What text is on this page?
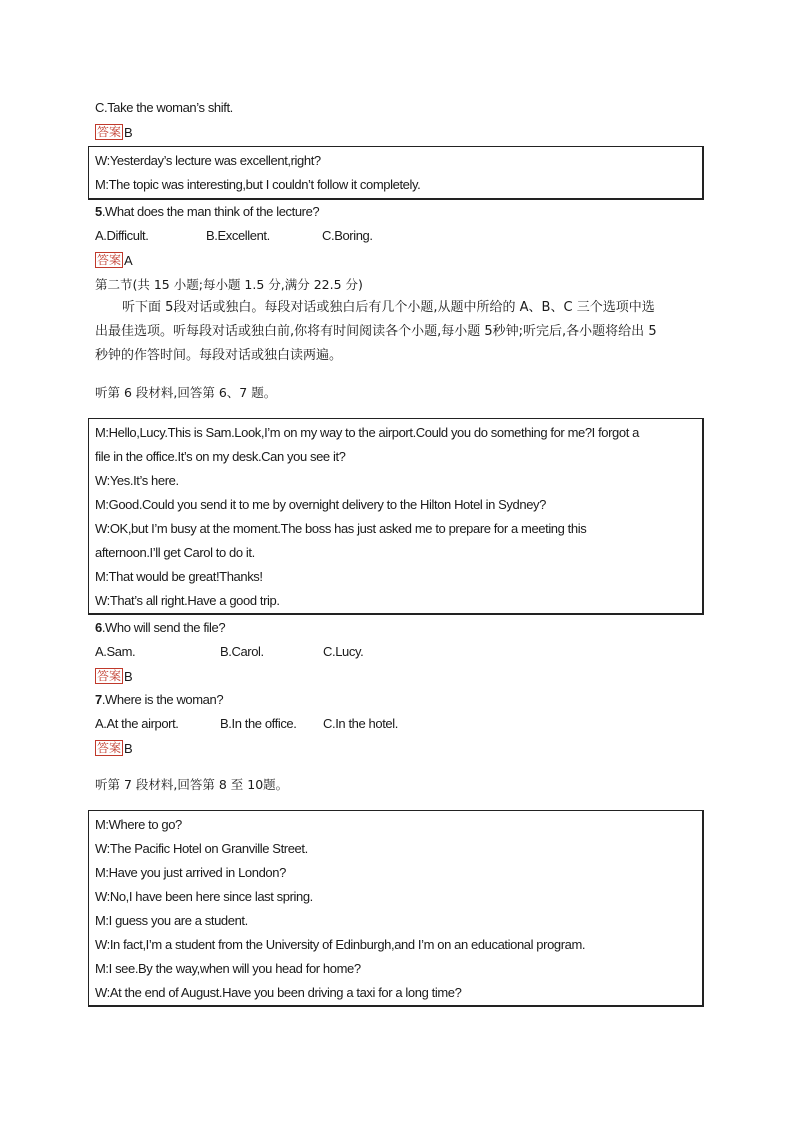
C.Take the woman’s shift.
答案 B
W:Yesterday’s lecture was excellent,right?
M:The topic was interesting,but I couldn’t follow it completely.
5.What does the man think of the lecture?
A.Difficult.	B.Excellent.	C.Boring.
答案 A
第二节(共 15 小题;每小题 1.5 分,满分 22.5 分)
听下面 5段对话或独白。每段对话或独白后有几个小题,从题中所给的 A、B、C 三个选项中选
出最佳选项。听每段对话或独白前,你将有时间阅读各个小题,每小题 5秒钟;听完后,各小题将给出 5
秒钟的作答时间。每段对话或独白读两遍。
听第 6 段材料,回答第 6、7 题。
M:Hello,Lucy.This is Sam.Look,I’m on my way to the airport.Could you do something for me?I forgot a
file in the office.It’s on my desk.Can you see it?
W:Yes.It’s here.
M:Good.Could you send it to me by overnight delivery to the Hilton Hotel in Sydney?
W:OK,but I’m busy at the moment.The boss has just asked me to prepare for a meeting this
afternoon.I’ll get Carol to do it.
M:That would be great!Thanks!
W:That’s all right.Have a good trip.
6.Who will send the file?
A.Sam.	B.Carol.	C.Lucy.
答案 B
7.Where is the woman?
A.At the airport.	B.In the office. C.In the hotel.
答案 B
听第 7 段材料,回答第 8 至 10题。
M:Where to go?
W:The Pacific Hotel on Granville Street.
M:Have you just arrived in London?
W:No,I have been here since last spring.
M:I guess you are a student.
W:In fact,I’m a student from the University of Edinburgh,and I’m on an educational program.
M:I see.By the way,when will you head for home?
W:At the end of August.Have you been driving a taxi for a long time?
